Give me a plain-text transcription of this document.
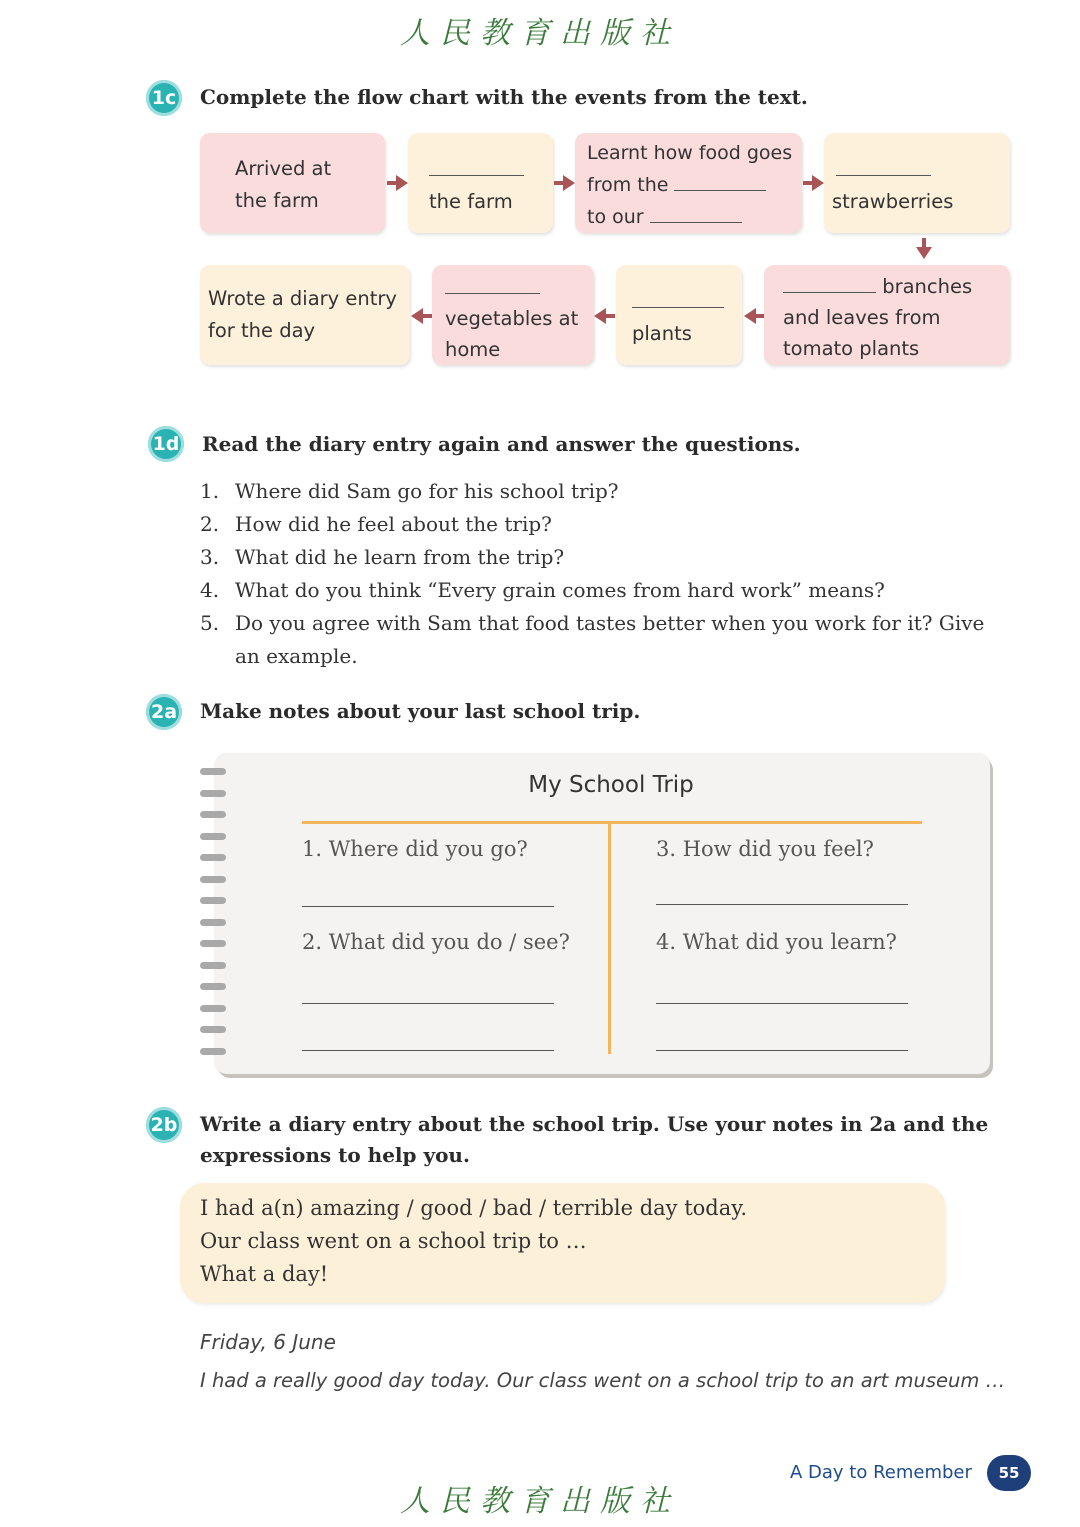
人民教育出版社
1c Complete the flow chart with the events from the text.
Arrived at
the farm	the farm
Learnt how food goes
from the
to our
strawberries
Wrote a diary entry
for the day
vegetables at
home
plants
branches
and leaves from
tomato plants
1d Read the diary entry again and answer the questions.
1. Where did Sam go for his school trip?
2. How did he feel about the trip?
3. What did he learn from the trip?
4. What do you think “Every grain comes from hard work” means?
5. Do you agree with Sam that food tastes better when you work for it? Give
an example.
2a Make notes about your last school trip.
My School Trip
1. Where did you go?
2. What did you do / see?
3. How did you feel?
4. What did you learn?
2b Write a diary entry about the school trip. Use your notes in 2a and the
expressions to help you.
I had a(n) amazing / good / bad / terrible day today.
Our class went on a school trip to …
What a day!
Friday, 6 June
I had a really good day today. Our class went on a school trip to an art museum …
A Day to Remember	55
人民教育出版社
